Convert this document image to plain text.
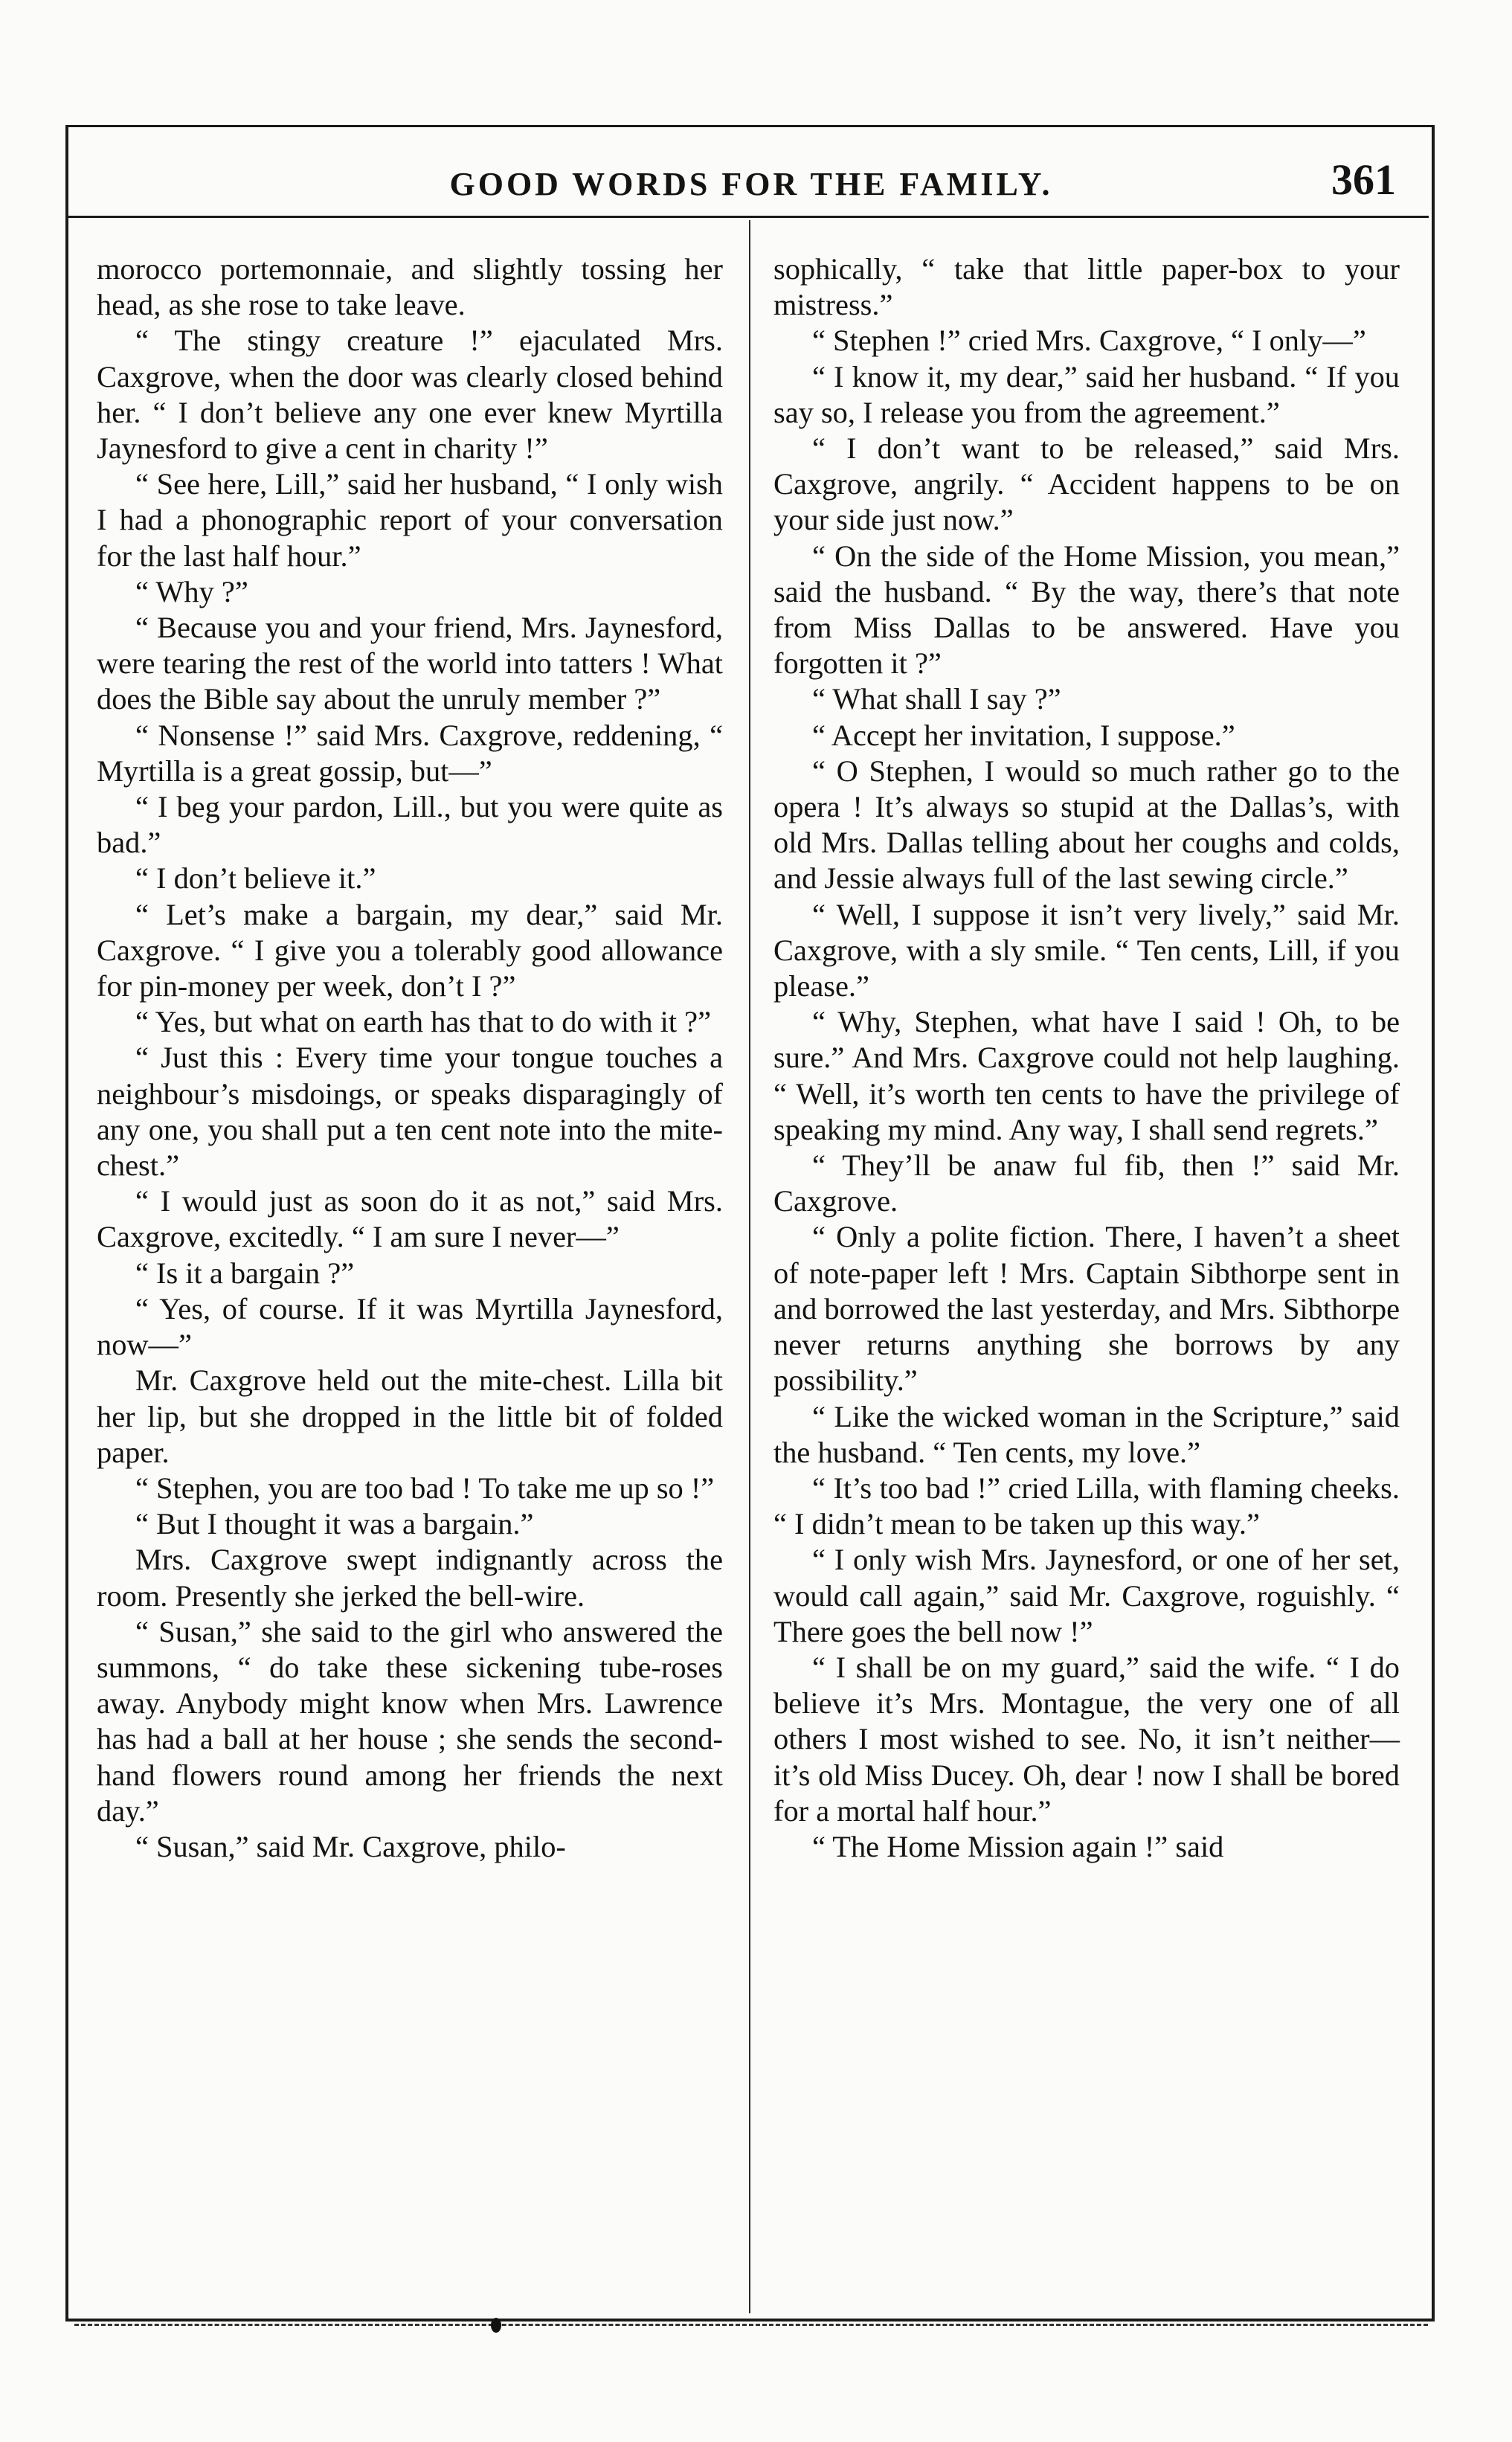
GOOD WORDS FOR THE FAMILY.	361

morocco portemonnaie, and slightly tossing her head, as she rose to take leave.

“ The stingy creature !” ejaculated Mrs. Caxgrove, when the door was clearly closed behind her. “ I don’t believe any one ever knew Myrtilla Jaynesford to give a cent in charity !”

“ See here, Lill,” said her husband, “ I only wish I had a phonographic report of your conversation for the last half hour.”

“ Why ?”

“ Because you and your friend, Mrs. Jaynesford, were tearing the rest of the world into tatters ! What does the Bible say about the unruly member ?”

“ Nonsense !” said Mrs. Caxgrove, reddening, “ Myrtilla is a great gossip, but—”

“ I beg your pardon, Lill., but you were quite as bad.”

“ I don’t believe it.”

“ Let’s make a bargain, my dear,” said Mr. Caxgrove. “ I give you a tolerably good allowance for pin-money per week, don’t I ?”

“ Yes, but what on earth has that to do with it ?”

“ Just this : Every time your tongue touches a neighbour’s misdoings, or speaks disparagingly of any one, you shall put a ten cent note into the mite-chest.”

“ I would just as soon do it as not,” said Mrs. Caxgrove, excitedly. “ I am sure I never—”

“ Is it a bargain ?”

“ Yes, of course. If it was Myrtilla Jaynesford, now—”

Mr. Caxgrove held out the mite-chest. Lilla bit her lip, but she dropped in the little bit of folded paper.

“ Stephen, you are too bad ! To take me up so !”

“ But I thought it was a bargain.”

Mrs. Caxgrove swept indignantly across the room. Presently she jerked the bell-wire.

“ Susan,” she said to the girl who answered the summons, “ do take these sickening tube-roses away. Anybody might know when Mrs. Lawrence has had a ball at her house ; she sends the second-hand flowers round among her friends the next day.”

“ Susan,” said Mr. Caxgrove, philo-

sophically, “ take that little paper-box to your mistress.”

“ Stephen !” cried Mrs. Caxgrove, “ I only—”

“ I know it, my dear,” said her husband. “ If you say so, I release you from the agreement.”

“ I don’t want to be released,” said Mrs. Caxgrove, angrily. “ Accident happens to be on your side just now.”

“ On the side of the Home Mission, you mean,” said the husband. “ By the way, there’s that note from Miss Dallas to be answered. Have you forgotten it ?”

“ What shall I say ?”

“ Accept her invitation, I suppose.”

“ O Stephen, I would so much rather go to the opera ! It’s always so stupid at the Dallas’s, with old Mrs. Dallas telling about her coughs and colds, and Jessie always full of the last sewing circle.”

“ Well, I suppose it isn’t very lively,” said Mr. Caxgrove, with a sly smile. “ Ten cents, Lill, if you please.”

“ Why, Stephen, what have I said ! Oh, to be sure.” And Mrs. Caxgrove could not help laughing. “ Well, it’s worth ten cents to have the privilege of speaking my mind. Any way, I shall send regrets.”

“ They’ll be anaw ful fib, then !” said Mr. Caxgrove.

“ Only a polite fiction. There, I haven’t a sheet of note-paper left ! Mrs. Captain Sibthorpe sent in and borrowed the last yesterday, and Mrs. Sibthorpe never returns anything she borrows by any possibility.”

“ Like the wicked woman in the Scripture,” said the husband. “ Ten cents, my love.”

“ It’s too bad !” cried Lilla, with flaming cheeks. “ I didn’t mean to be taken up this way.”

“ I only wish Mrs. Jaynesford, or one of her set, would call again,” said Mr. Caxgrove, roguishly. “ There goes the bell now !”

“ I shall be on my guard,” said the wife. “ I do believe it’s Mrs. Montague, the very one of all others I most wished to see. No, it isn’t neither—it’s old Miss Ducey. Oh, dear ! now I shall be bored for a mortal half hour.”

“ The Home Mission again !” said
